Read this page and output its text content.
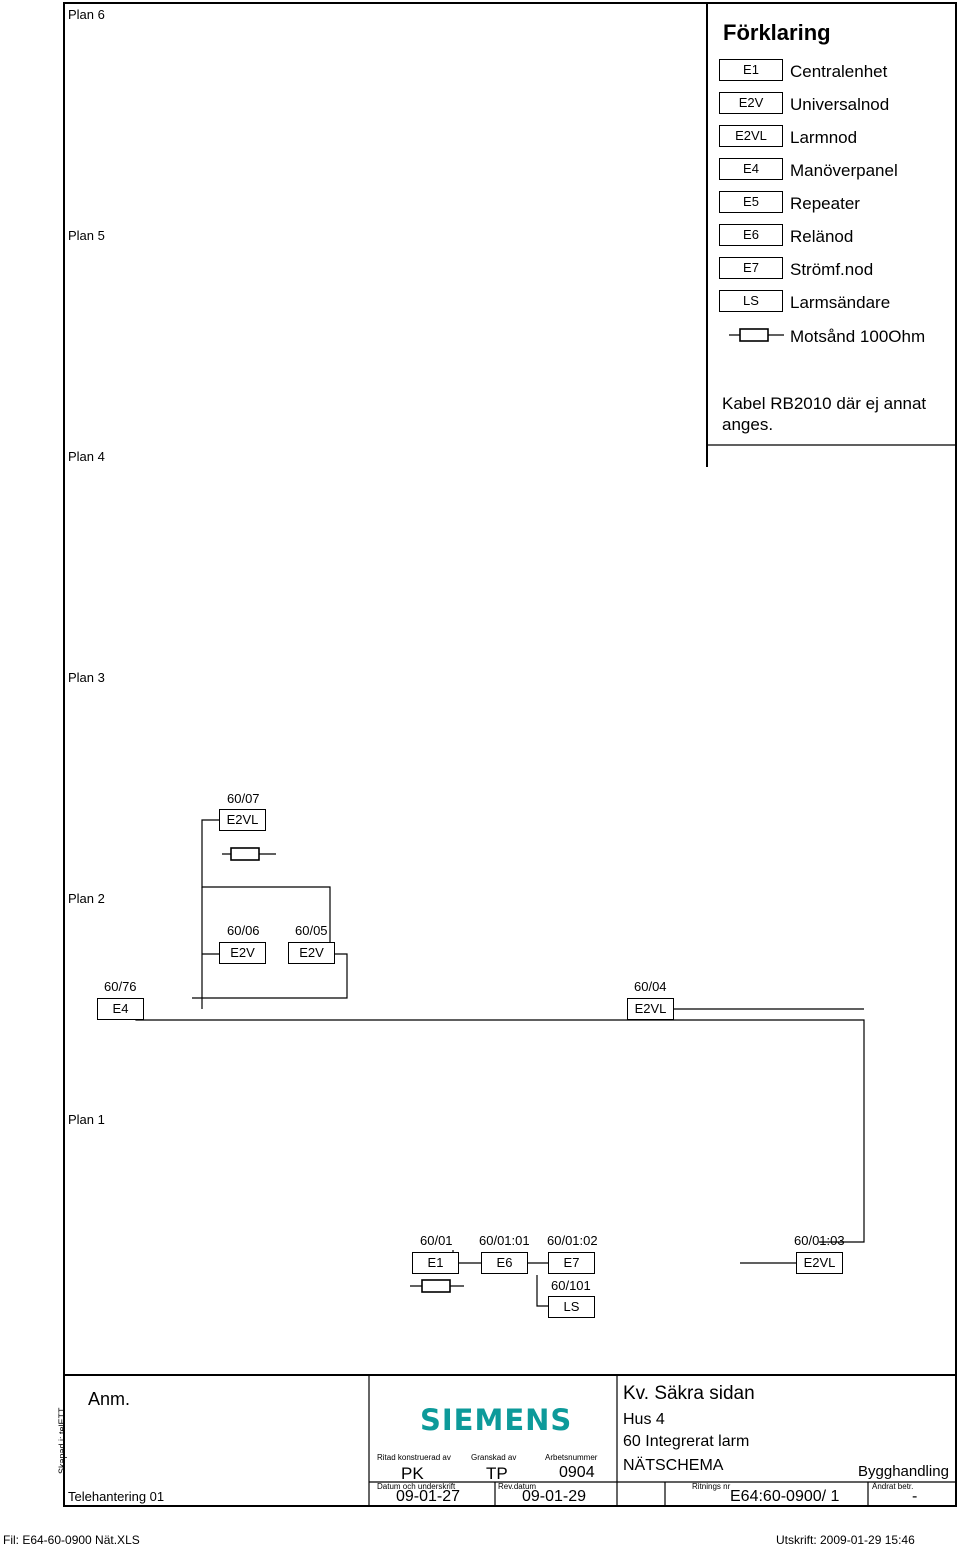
Plan 6
Plan 5
Plan 4
Plan 3
Plan 2
Plan 1
Förklaring
E1	Centralenhet
E2V	Universalnod
E2VL	Larmnod
E4	Manöverpanel
E5	Repeater
E6	Relänod
E7	Strömf.nod
LS	Larmsändare
Motsånd 100Ohm
Kabel RB2010 där ej annat
anges.
60/07
E2VL
60/06
E2V
60/05
E2V
60/76
E4
60/04
E2VL
60/01
E1
60/01:01
E6
60/01:02
E7
60/101
LS
60/01:03
E2VL
Anm.
Skapad i: telETT
Telehantering 01
SIEMENS
Ritad konstruerad av
PK
Granskad av
TP
Arbetsnummer
0904
Datum och underskrift
09-01-27
Rev.datum
09-01-29
Kv. Säkra sidan
Hus 4
60 Integrerat larm
NÄTSCHEMA	Bygghandling
Ritnings nr
E64:60-0900/ 1
Ändrat betr.
-
Fil: E64-60-0900 Nät.XLS	Utskrift: 2009-01-29 15:46
